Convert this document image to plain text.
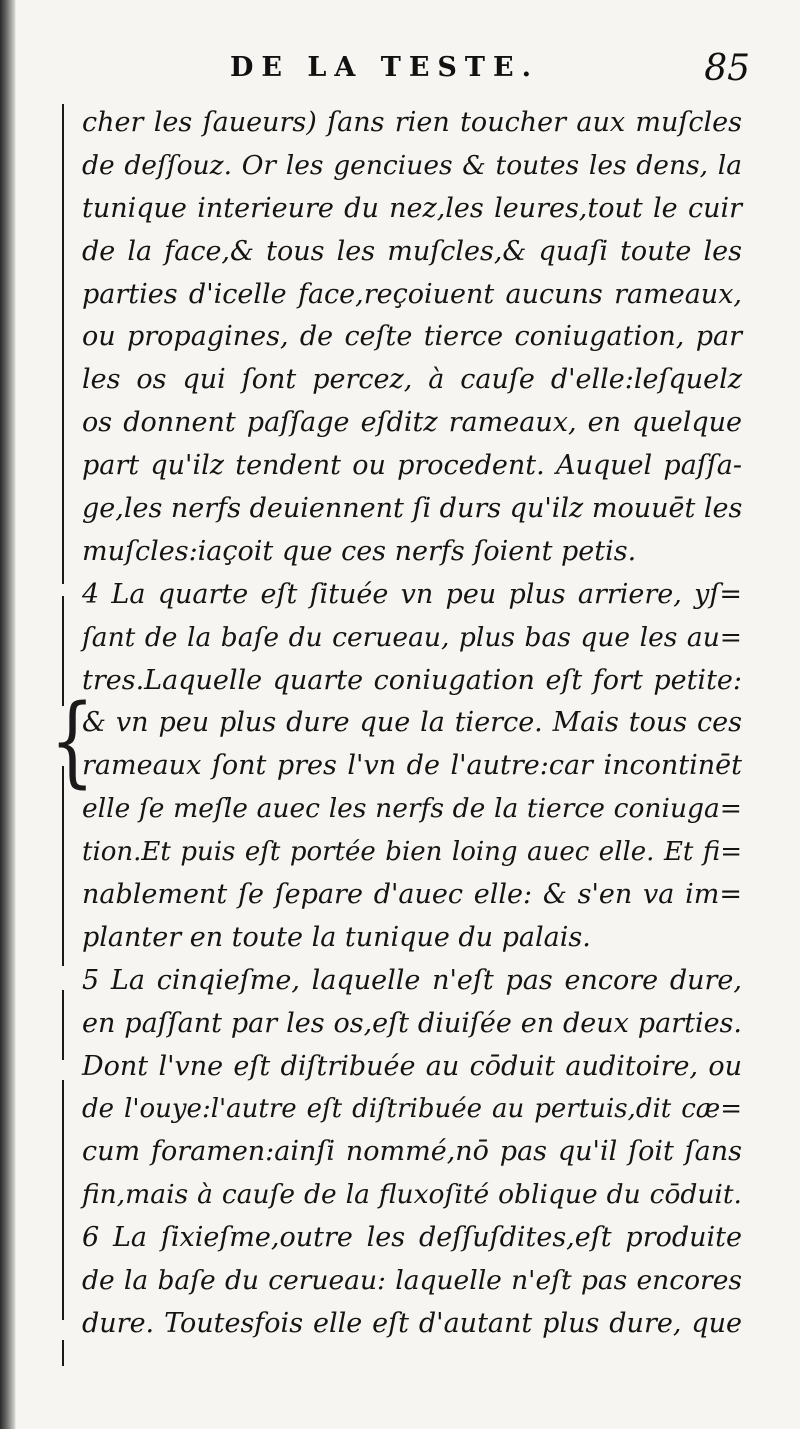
DE LA TESTE.	85
{
cher les ſaueurs) ſans rien toucher aux muſcles
de deſſouz. Or les genciues & toutes les dens, la
tunique interieure du nez,les leures,tout le cuir
de la face,& tous les muſcles,& quaſi toute les
parties d'icelle face,reçoiuent aucuns rameaux,
ou propagines, de ceſte tierce coniugation, par
les os qui ſont percez, à cauſe d'elle:leſquelz
os donnent paſſage eſditz rameaux, en quelque
part qu'ilz tendent ou procedent. Auquel paſſa-
ge,les nerfs deuiennent ſi durs qu'ilz mouuēt les
muſcles:iaçoit que ces nerfs ſoient petis.
4 La quarte eſt ſituée vn peu plus arriere, yſ=
ſant de la baſe du cerueau, plus bas que les au=
tres.Laquelle quarte coniugation eſt fort petite:
& vn peu plus dure que la tierce. Mais tous ces
rameaux ſont pres l'vn de l'autre:car incontinēt
elle ſe meſle auec les nerfs de la tierce coniuga=
tion.Et puis eſt portée bien loing auec elle. Et fi=
nablement ſe ſepare d'auec elle: & s'en va im=
planter en toute la tunique du palais.
5 La cinqieſme, laquelle n'eſt pas encore dure,
en paſſant par les os,eſt diuiſée en deux parties.
Dont l'vne eſt diſtribuée au cōduit auditoire, ou
de l'ouye:l'autre eſt diſtribuée au pertuis,dit cæ=
cum foramen:ainſi nommé,nō pas qu'il ſoit ſans
fin,mais à cauſe de la fluxoſité oblique du cōduit.
6 La ſixieſme,outre les deſſuſdites,eſt produite
de la baſe du cerueau: laquelle n'eſt pas encores
dure. Toutesfois elle eſt d'autant plus dure, que
